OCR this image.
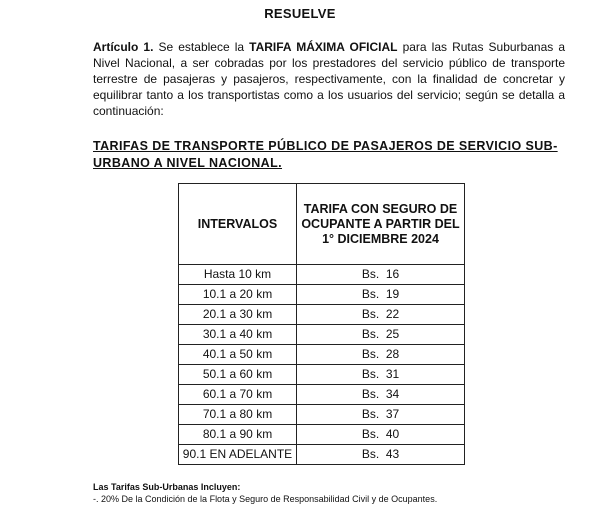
RESUELVE
Artículo 1. Se establece la TARIFA MÁXIMA OFICIAL para las Rutas Suburbanas a Nivel Nacional, a ser cobradas por los prestadores del servicio público de transporte terrestre de pasajeras y pasajeros, respectivamente, con la finalidad de concretar y equilibrar tanto a los transportistas como a los usuarios del servicio; según se detalla a continuación:
TARIFAS DE TRANSPORTE PÚBLICO DE PASAJEROS DE SERVICIO SUB-URBANO A NIVEL NACIONAL.
INTERVALOS	TARIFA CON SEGURO DE OCUPANTE A PARTIR DEL 1° DICIEMBRE 2024
Hasta 10 km	Bs.  16
10.1 a 20 km	Bs.  19
20.1 a 30 km	Bs.  22
30.1 a 40 km	Bs.  25
40.1 a 50 km	Bs.  28
50.1 a 60 km	Bs.  31
60.1 a 70 km	Bs.  34
70.1 a 80 km	Bs.  37
80.1 a 90 km	Bs.  40
90.1 EN ADELANTE	Bs.  43
Las Tarifas Sub-Urbanas Incluyen:
-. 20% De la Condición de la Flota y Seguro de Responsabilidad Civil y de Ocupantes.
